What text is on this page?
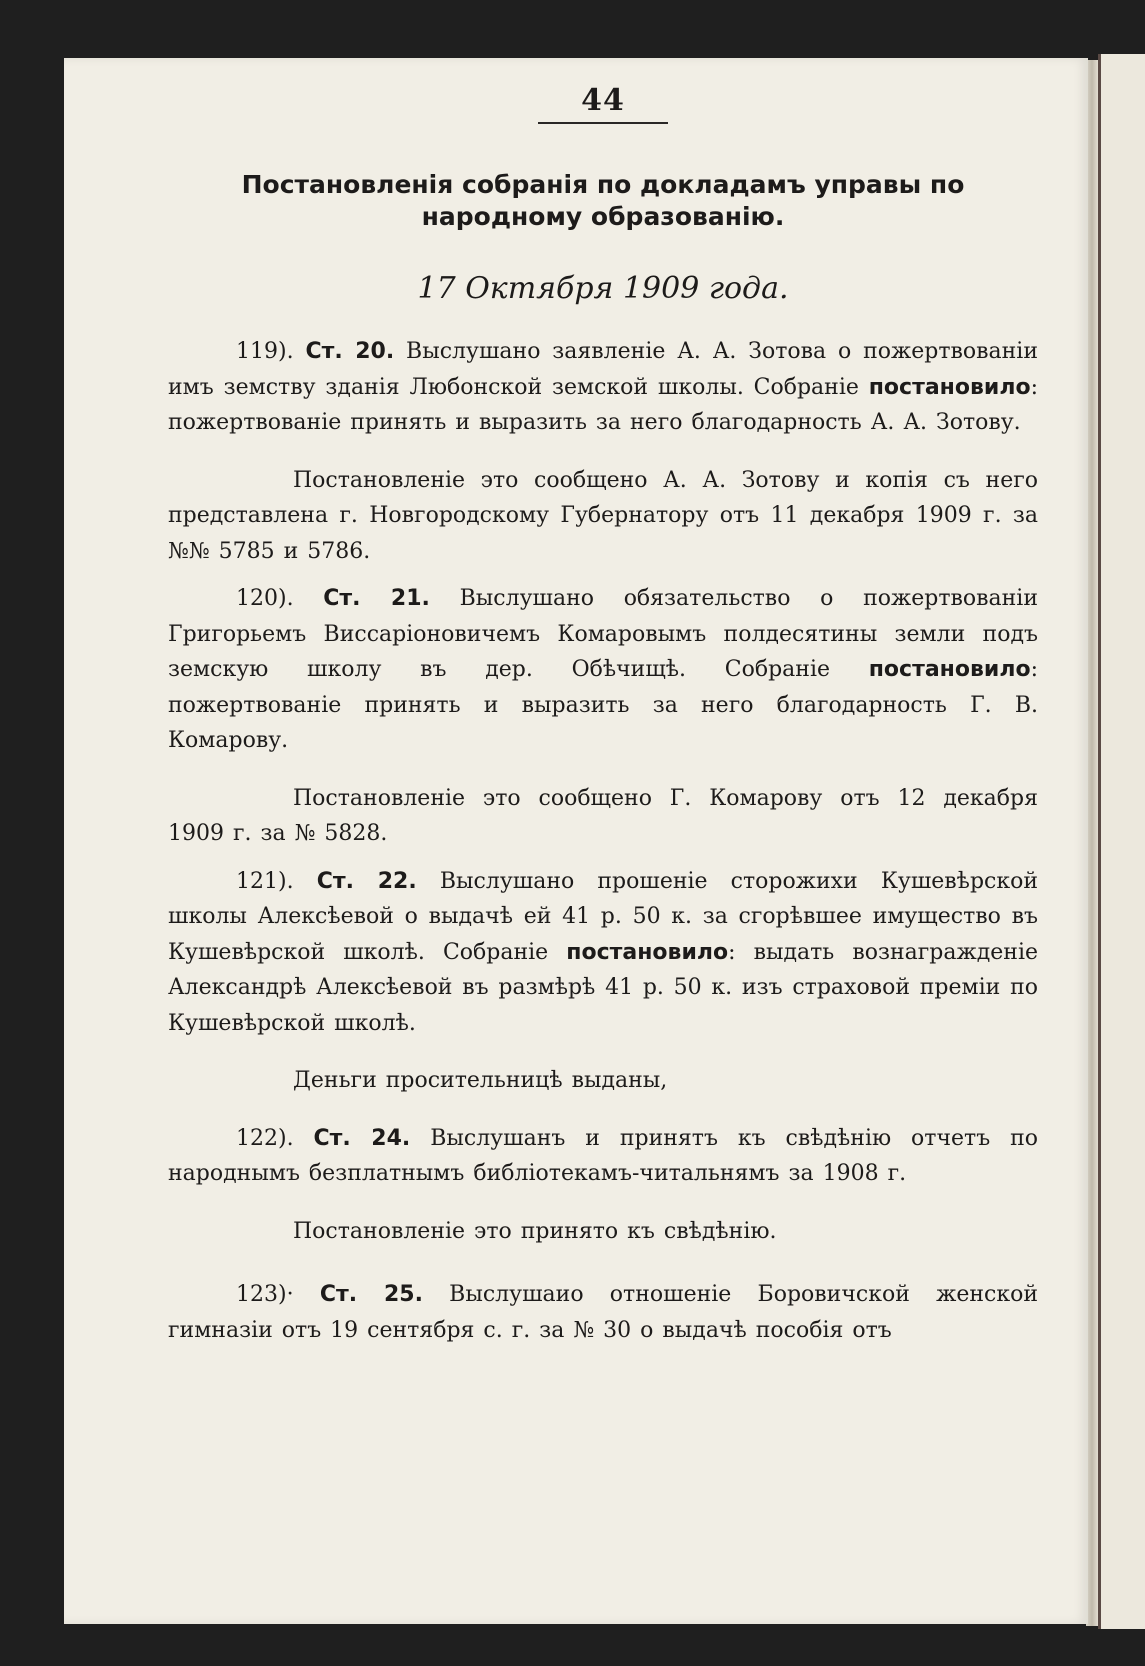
44

Постановленія собранія по докладамъ управы по народному образованію.

17 Октября 1909 года.

119). Ст. 20. Выслушано заявленіе А. А. Зотова о пожертвованіи имъ земству зданія Любонской земской школы. Собраніе постановило: пожертвованіе принять и выразить за него благодарность А. А. Зотову.

Постановленіе это сообщено А. А. Зотову и копія съ него представлена г. Новгородскому Губернатору отъ 11 декабря 1909 г. за №№ 5785 и 5786.

120). Ст. 21. Выслушано обязательство о пожертвованіи Григорьемъ Виссаріоновичемъ Комаровымъ полдесятины земли подъ земскую школу въ дер. Обѣчищѣ. Собраніе постановило: пожертвованіе принять и выразить за него благодарность Г. В. Комарову.

Постановленіе это сообщено Г. Комарову отъ 12 декабря 1909 г. за № 5828.

121). Ст. 22. Выслушано прошеніе сторожихи Кушевѣрской школы Алексѣевой о выдачѣ ей 41 р. 50 к. за сгорѣвшее имущество въ Кушевѣрской школѣ. Собраніе постановило: выдать вознагражденіе Александрѣ Алексѣевой въ размѣрѣ 41 р. 50 к. изъ страховой преміи по Кушевѣрской школѣ.

Деньги просительницѣ выданы,

122). Ст. 24. Выслушанъ и принятъ къ свѣдѣнію отчетъ по народнымъ безплатнымъ библіотекамъ-читальнямъ за 1908 г.

Постановленіе это принято къ свѣдѣнію.

123)· Ст. 25. Выслушаио отношеніе Боровичской женской гимназіи отъ 19 сентября с. г. за № 30 о выдачѣ пособія отъ
